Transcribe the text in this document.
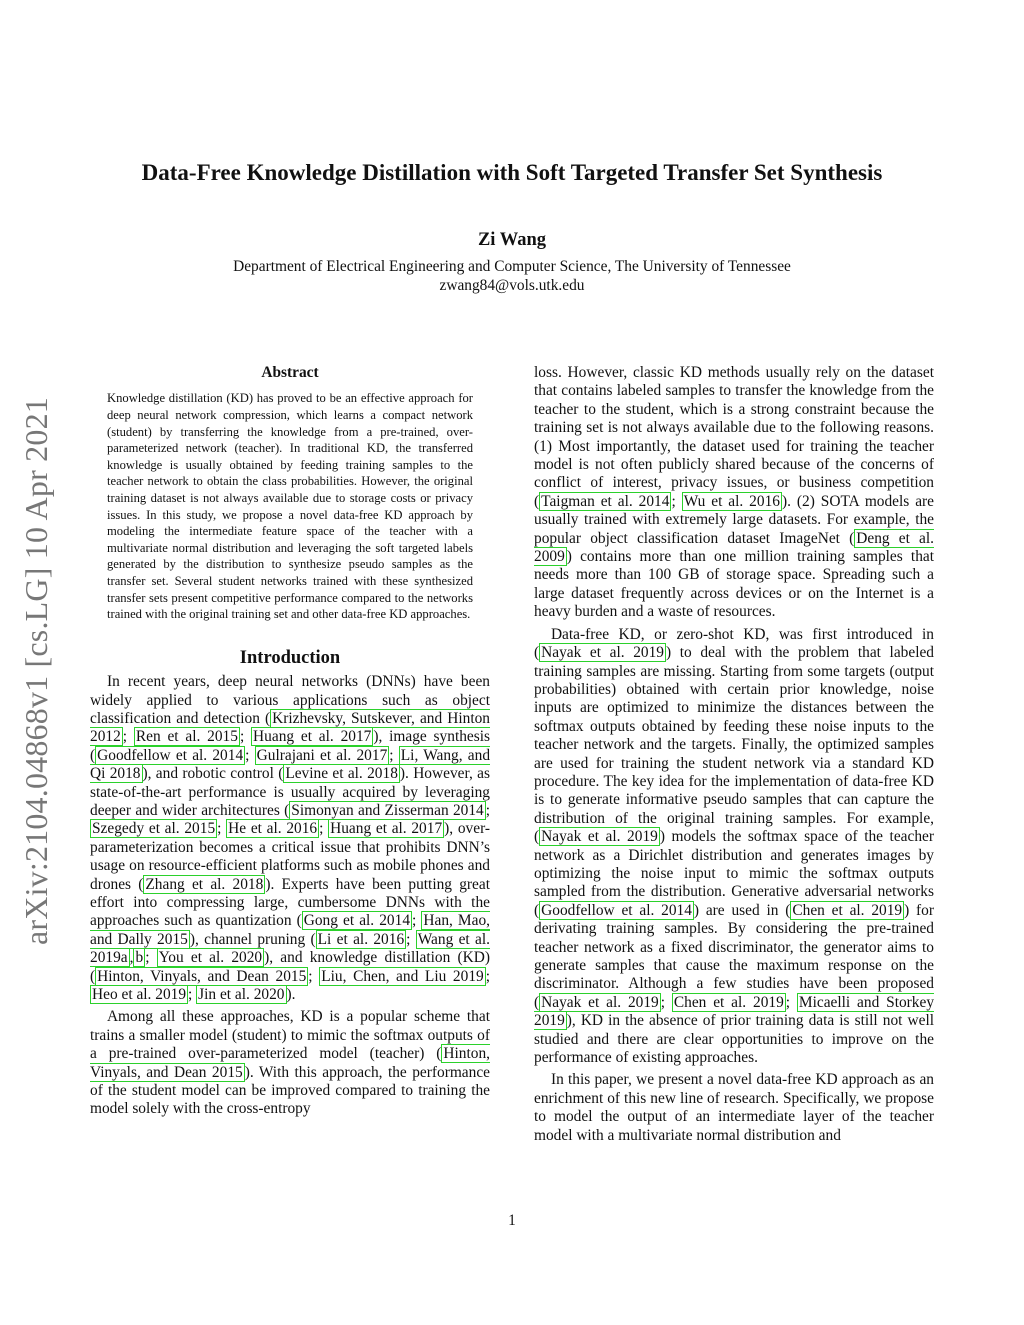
arXiv:2104.04868v1 [cs.LG] 10 Apr 2021
Data-Free Knowledge Distillation with Soft Targeted Transfer Set Synthesis
Zi Wang
Department of Electrical Engineering and Computer Science, The University of Tennessee
zwang84@vols.utk.edu
Abstract
Knowledge distillation (KD) has proved to be an effective approach for deep neural network compression, which learns a compact network (student) by transferring the knowledge from a pre-trained, over-parameterized network (teacher). In traditional KD, the transferred knowledge is usually obtained by feeding training samples to the teacher network to obtain the class probabilities. However, the original training dataset is not always available due to storage costs or privacy issues. In this study, we propose a novel data-free KD approach by modeling the intermediate feature space of the teacher with a multivariate normal distribution and leveraging the soft targeted labels generated by the distribution to synthesize pseudo samples as the transfer set. Several student networks trained with these synthesized transfer sets present competitive performance compared to the networks trained with the original training set and other data-free KD approaches.
Introduction

In recent years, deep neural networks (DNNs) have been widely applied to various applications such as object classification and detection ( Krizhevsky, Sutskever, and Hinton 2012 ; Ren et al. 2015 ; Huang et al. 2017 ), image synthesis ( Goodfellow et al. 2014 ; Gulrajani et al. 2017 ; Li, Wang, and Qi 2018 ), and robotic control ( Levine et al. 2018 ). However, as state-of-the-art performance is usually acquired by leveraging deeper and wider architectures ( Simonyan and Zisserman 2014 ; Szegedy et al. 2015 ; He et al. 2016 ; Huang et al. 2017 ), over-parameterization becomes a critical issue that prohibits DNN’s usage on resource-efficient platforms such as mobile phones and drones ( Zhang et al. 2018 ). Experts have been putting great effort into compressing large, cumbersome DNNs with the approaches such as quantization ( Gong et al. 2014 ; Han, Mao, and Dally 2015 ), channel pruning ( Li et al. 2016 ; Wang et al. 2019a , b ; You et al. 2020 ), and knowledge distillation (KD) ( Hinton, Vinyals, and Dean 2015 ; Liu, Chen, and Liu 2019 ; Heo et al. 2019 ; Jin et al. 2020 ).

Among all these approaches, KD is a popular scheme that trains a smaller model (student) to mimic the softmax outputs of a pre-trained over-parameterized model (teacher) ( Hinton, Vinyals, and Dean 2015 ). With this approach, the performance of the student model can be improved compared to training the model solely with the cross-entropy

loss. However, classic KD methods usually rely on the dataset that contains labeled samples to transfer the knowledge from the teacher to the student, which is a strong constraint because the training set is not always available due to the following reasons. (1) Most importantly, the dataset used for training the teacher model is not often publicly shared because of the concerns of conflict of interest, privacy issues, or business competition ( Taigman et al. 2014 ; Wu et al. 2016 ). (2) SOTA models are usually trained with extremely large datasets. For example, the popular object classification dataset ImageNet ( Deng et al. 2009 ) contains more than one million training samples that needs more than 100 GB of storage space. Spreading such a large dataset frequently across devices or on the Internet is a heavy burden and a waste of resources.

Data-free KD, or zero-shot KD, was first introduced in ( Nayak et al. 2019 ) to deal with the problem that labeled training samples are missing. Starting from some targets (output probabilities) obtained with certain prior knowledge, noise inputs are optimized to minimize the distances between the softmax outputs obtained by feeding these noise inputs to the teacher network and the targets. Finally, the optimized samples are used for training the student network via a standard KD procedure. The key idea for the implementation of data-free KD is to generate informative pseudo samples that can capture the distribution of the original training samples. For example, ( Nayak et al. 2019 ) models the softmax space of the teacher network as a Dirichlet distribution and generates images by optimizing the noise input to mimic the softmax outputs sampled from the distribution. Generative adversarial networks ( Goodfellow et al. 2014 ) are used in ( Chen et al. 2019 ) for derivating training samples. By considering the pre-trained teacher network as a fixed discriminator, the generator aims to generate samples that cause the maximum response on the discriminator. Although a few studies have been proposed ( Nayak et al. 2019 ; Chen et al. 2019 ; Micaelli and Storkey 2019 ), KD in the absence of prior training data is still not well studied and there are clear opportunities to improve on the performance of existing approaches.

In this paper, we present a novel data-free KD approach as an enrichment of this new line of research. Specifically, we propose to model the output of an intermediate layer of the teacher model with a multivariate normal distribution and

1
